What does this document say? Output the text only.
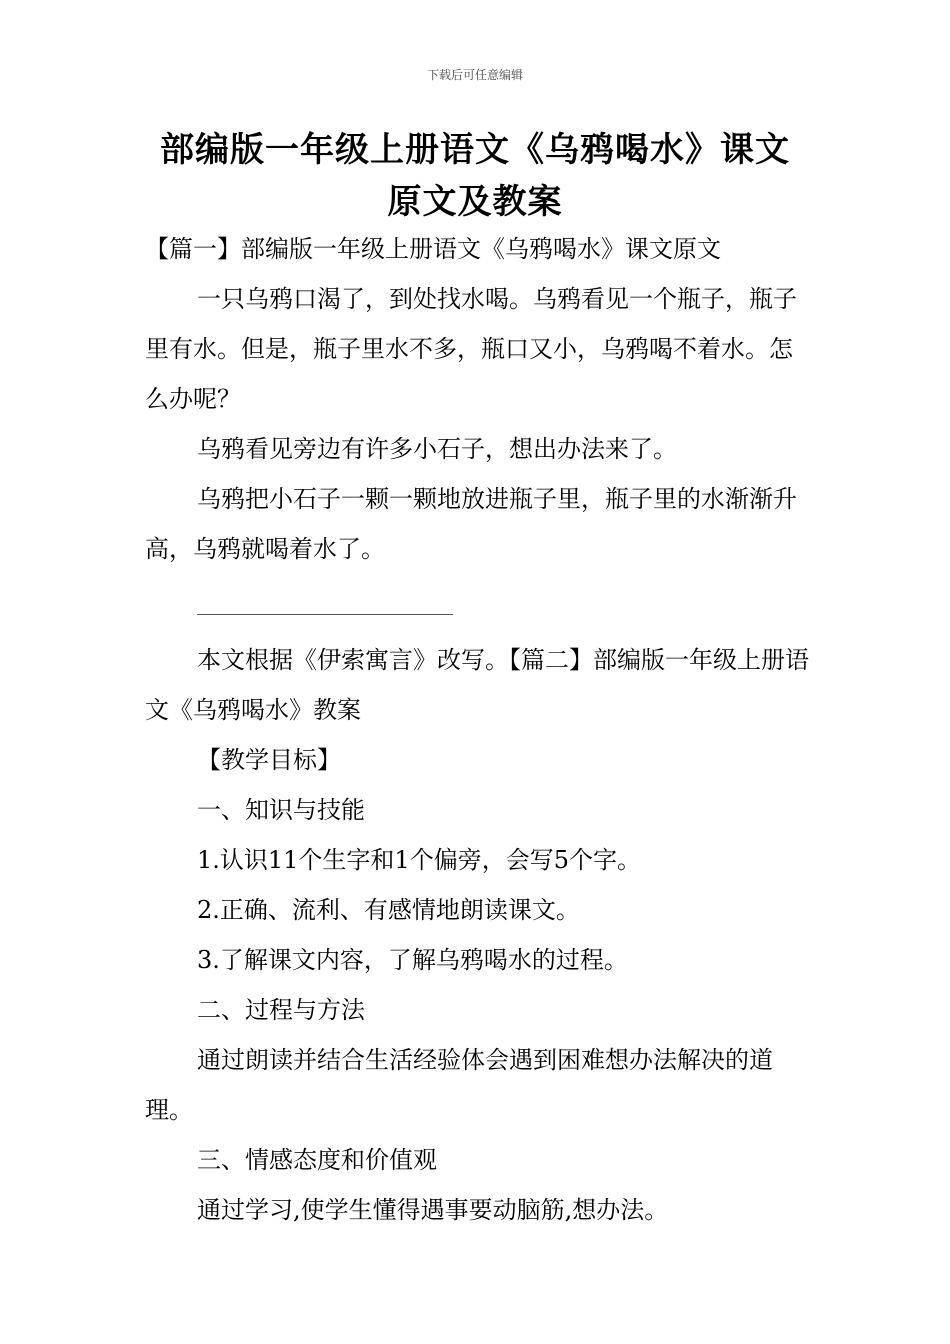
下载后可任意编辑
部编版一年级上册语文《乌鸦喝水》课文
原文及教案

【篇一】部编版一年级上册语文《乌鸦喝水》课文原文

一只乌鸦口渴了，到处找水喝。乌鸦看见一个瓶子，瓶子里有水。但是，瓶子里水不多，瓶口又小，乌鸦喝不着水。怎么办呢？

乌鸦看见旁边有许多小石子，想出办法来了。

乌鸦把小石子一颗一颗地放进瓶子里，瓶子里的水渐渐升高，乌鸦就喝着水了。

本文根据《伊索寓言》改写。【篇二】部编版一年级上册语文《乌鸦喝水》教案

【教学目标】

一、知识与技能

1.认识11个生字和1个偏旁，会写5个字。

2.正确、流利、有感情地朗读课文。

3.了解课文内容，了解乌鸦喝水的过程。

二、过程与方法

通过朗读并结合生活经验体会遇到困难想办法解决的道理。

三、情感态度和价值观

通过学习,使学生懂得遇事要动脑筋,想办法。
